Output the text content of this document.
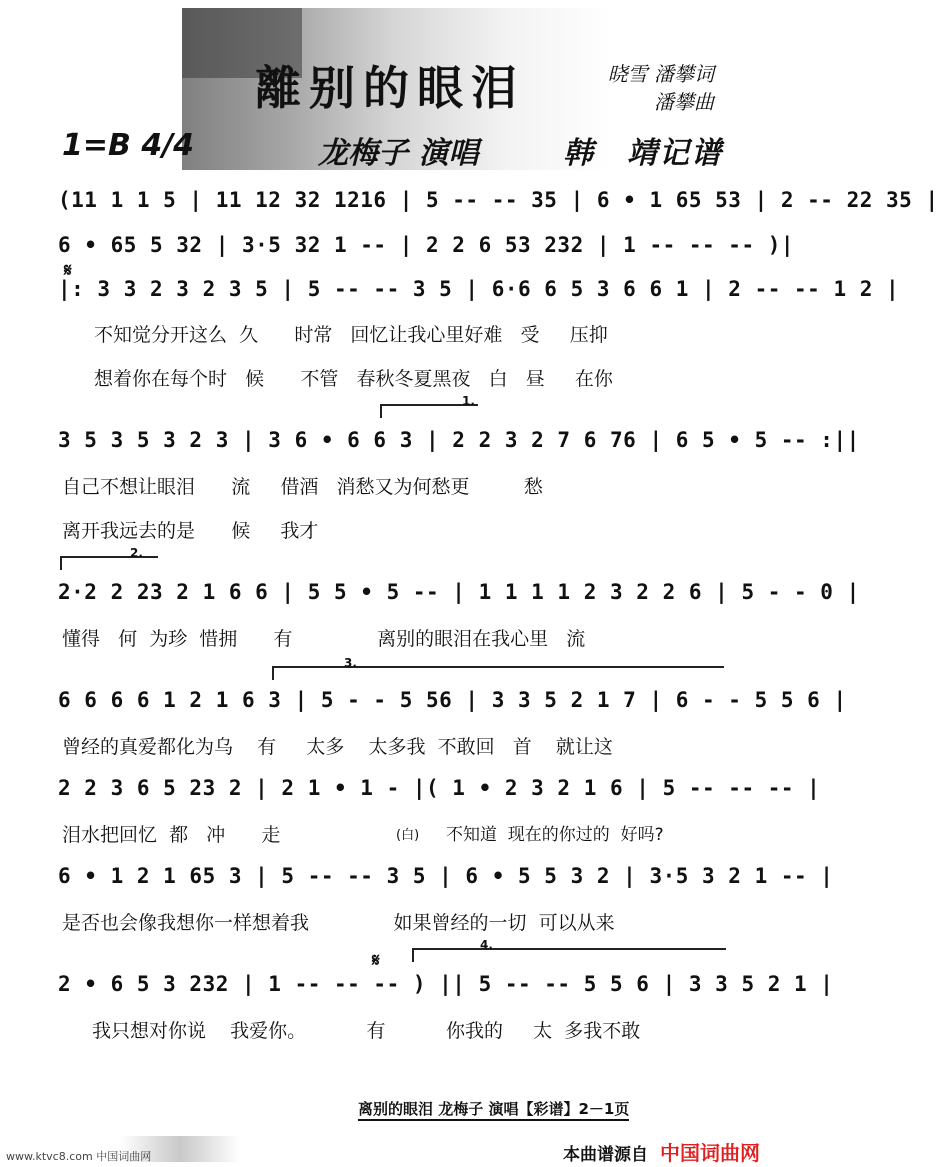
離别的眼泪	晓雪 潘攀词
潘攀曲
1=B 4/4	龙梅子 演唱	韩　靖记谱
(11 1 1 5 | 11 12 32 1216 | 5 -- -- 35 | 6 • 1 65 53 | 2 -- 22 35 |
6 • 65 5 32 | 3·5 32 1 -- | 2 2 6 53 232 | 1 -- -- -- )|
𝄋
|: 3 3 2 3 2 3 5 | 5 -- -- 3 5 | 6·6 6 5 3 6 6 1 | 2 -- -- 1 2 |
不知觉分开这么  久      时常   回忆让我心里好难   受     压抑
想着你在每个时   候      不管   春秋冬夏黑夜   白   昼     在你
1.
3 5 3 5 3 2 3 | 3 6 • 6 6 3 | 2 2 3 2 7 6 76 | 6 5 • 5 -- :||
自己不想让眼泪      流     借酒   消愁又为何愁更         愁
离开我远去的是      候     我才
2.
2·2 2 23 2 1 6 6 | 5 5 • 5 -- | 1 1 1 1 2 3 2 2 6 | 5 - - 0 |
懂得   何  为珍  惜拥      有              离别的眼泪在我心里   流
3.
6 6 6 6 1 2 1 6 3 | 5 - - 5 56 | 3 3 5 2 1 7 | 6 - - 5 5 6 |
曾经的真爱都化为乌    有     太多    太多我  不敢回   首    就让这
2 2 3 6 5 23 2 | 2 1 • 1 - |( 1 • 2 3 2 1 6 | 5 -- -- -- |
泪水把回忆  都   冲      走	(白) 不知道  现在的你过的  好吗?
6 • 1 2 1 65 3 | 5 -- -- 3 5 | 6 • 5 5 3 2 | 3·5 3 2 1 -- |
是否也会像我想你一样想着我              如果曾经的一切  可以从来
4.
𝄋
2 • 6 5 3 232 | 1 -- -- -- ) || 5 -- -- 5 5 6 | 3 3 5 2 1 |
我只想对你说    我爱你。          有          你我的     太  多我不敢
离别的眼泪 龙梅子 演唱【彩谱】2－1页
www.ktvc8.com 中国词曲网	本曲谱源自 中国词曲网
